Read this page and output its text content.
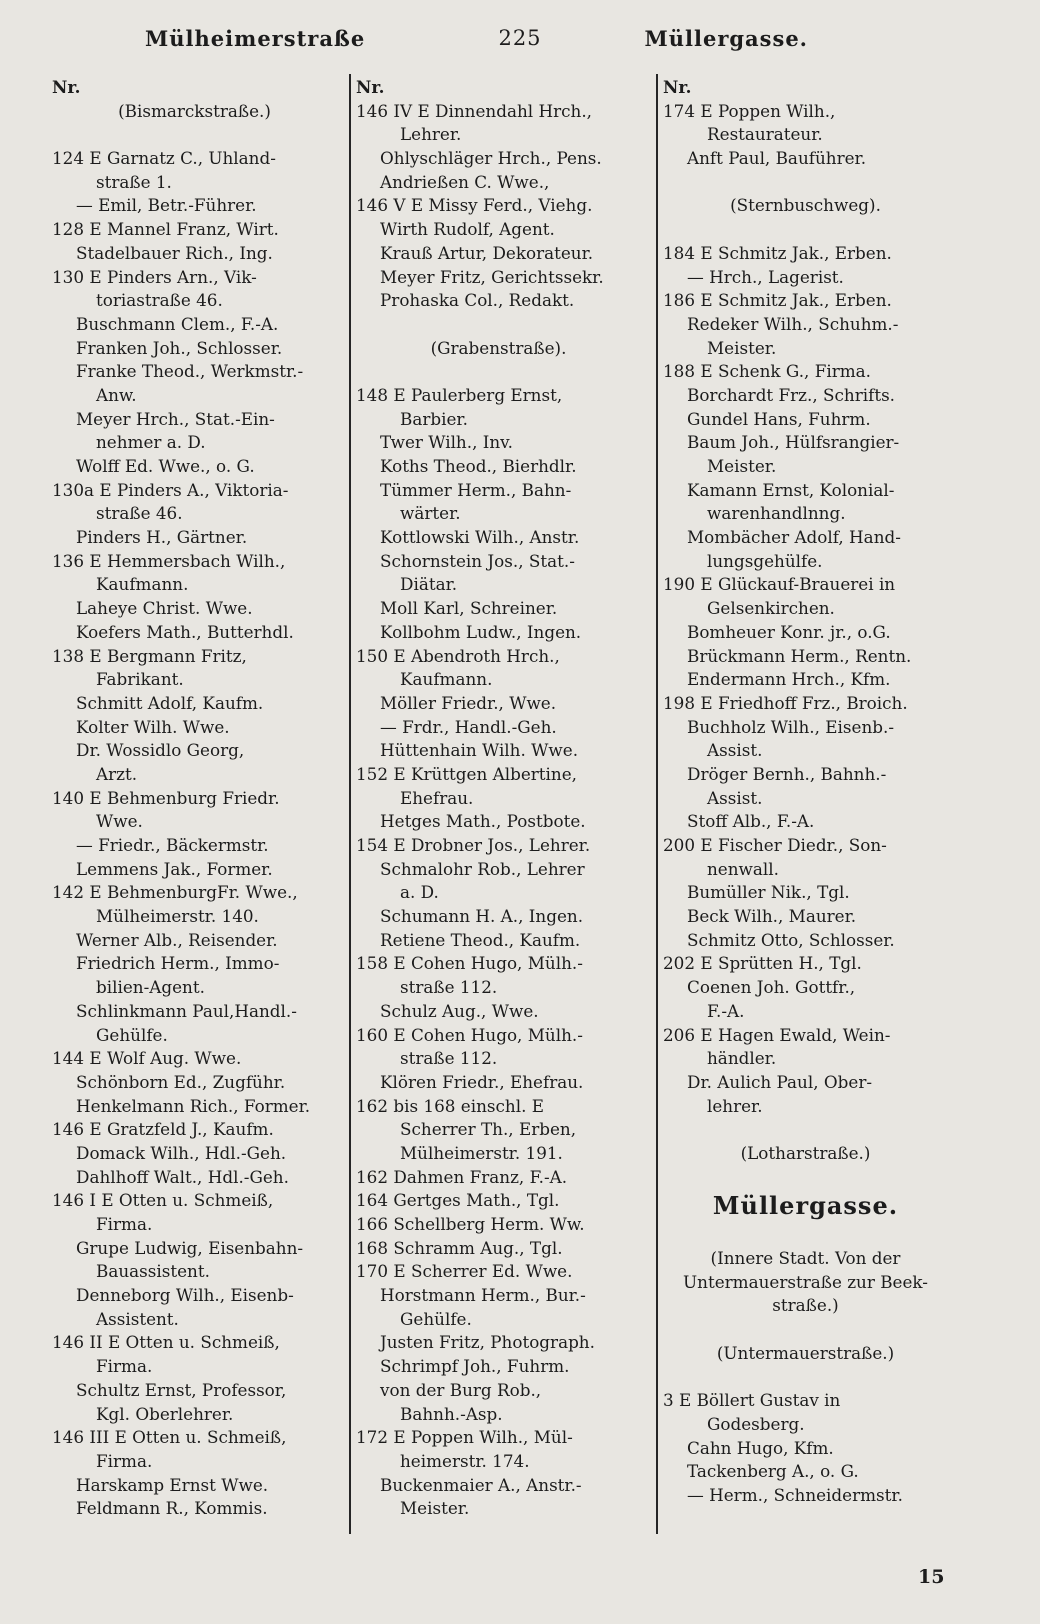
Mülheimerstraße	225	Müllergasse.
Nr.
(Bismarckstraße.)
124 E Garnatz C., Uhland-
straße 1.
— Emil, Betr.-Führer.
128 E Mannel Franz, Wirt.
Stadelbauer Rich., Ing.
130 E Pinders Arn., Vik-
toriastraße 46.
Buschmann Clem., F.-A.
Franken Joh., Schlosser.
Franke Theod., Werkmstr.-
Anw.
Meyer Hrch., Stat.-Ein-
nehmer a. D.
Wolff Ed. Wwe., o. G.
130a E Pinders A., Viktoria-
straße 46.
Pinders H., Gärtner.
136 E Hemmersbach Wilh.,
Kaufmann.
Laheye Christ. Wwe.
Koefers Math., Butterhdl.
138 E Bergmann Fritz,
Fabrikant.
Schmitt Adolf, Kaufm.
Kolter Wilh. Wwe.
Dr. Wossidlo Georg,
Arzt.
140 E Behmenburg Friedr.
Wwe.
— Friedr., Bäckermstr.
Lemmens Jak., Former.
142 E BehmenburgFr. Wwe.,
Mülheimerstr. 140.
Werner Alb., Reisender.
Friedrich Herm., Immo-
bilien-Agent.
Schlinkmann Paul,Handl.-
Gehülfe.
144 E Wolf Aug. Wwe.
Schönborn Ed., Zugführ.
Henkelmann Rich., Former.
146 E Gratzfeld J., Kaufm.
Domack Wilh., Hdl.-Geh.
Dahlhoff Walt., Hdl.-Geh.
146 I E Otten u. Schmeiß,
Firma.
Grupe Ludwig, Eisenbahn-
Bauassistent.
Denneborg Wilh., Eisenb-
Assistent.
146 II E Otten u. Schmeiß,
Firma.
Schultz Ernst, Professor,
Kgl. Oberlehrer.
146 III E Otten u. Schmeiß,
Firma.
Harskamp Ernst Wwe.
Feldmann R., Kommis.
Nr.
146 IV E Dinnendahl Hrch.,
Lehrer.
Ohlyschläger Hrch., Pens.
Andrießen C. Wwe.,
146 V E Missy Ferd., Viehg.
Wirth Rudolf, Agent.
Krauß Artur, Dekorateur.
Meyer Fritz, Gerichtssekr.
Prohaska Col., Redakt.
(Grabenstraße).
148 E Paulerberg Ernst,
Barbier.
Twer Wilh., Inv.
Koths Theod., Bierhdlr.
Tümmer Herm., Bahn-
wärter.
Kottlowski Wilh., Anstr.
Schornstein Jos., Stat.-
Diätar.
Moll Karl, Schreiner.
Kollbohm Ludw., Ingen.
150 E Abendroth Hrch.,
Kaufmann.
Möller Friedr., Wwe.
— Frdr., Handl.-Geh.
Hüttenhain Wilh. Wwe.
152 E Krüttgen Albertine,
Ehefrau.
Hetges Math., Postbote.
154 E Drobner Jos., Lehrer.
Schmalohr Rob., Lehrer
a. D.
Schumann H. A., Ingen.
Retiene Theod., Kaufm.
158 E Cohen Hugo, Mülh.-
straße 112.
Schulz Aug., Wwe.
160 E Cohen Hugo, Mülh.-
straße 112.
Klören Friedr., Ehefrau.
162 bis 168 einschl. E
Scherrer Th., Erben,
Mülheimerstr. 191.
162 Dahmen Franz, F.-A.
164 Gertges Math., Tgl.
166 Schellberg Herm. Ww.
168 Schramm Aug., Tgl.
170 E Scherrer Ed. Wwe.
Horstmann Herm., Bur.-
Gehülfe.
Justen Fritz, Photograph.
Schrimpf Joh., Fuhrm.
von der Burg Rob.,
Bahnh.-Asp.
172 E Poppen Wilh., Mül-
heimerstr. 174.
Buckenmaier A., Anstr.-
Meister.
Nr.
174 E Poppen Wilh.,
Restaurateur.
Anft Paul, Bauführer.
(Sternbuschweg).
184 E Schmitz Jak., Erben.
— Hrch., Lagerist.
186 E Schmitz Jak., Erben.
Redeker Wilh., Schuhm.-
Meister.
188 E Schenk G., Firma.
Borchardt Frz., Schrifts.
Gundel Hans, Fuhrm.
Baum Joh., Hülfsrangier-
Meister.
Kamann Ernst, Kolonial-
warenhandlnng.
Mombächer Adolf, Hand-
lungsgehülfe.
190 E Glückauf-Brauerei in
Gelsenkirchen.
Bomheuer Konr. jr., o.G.
Brückmann Herm., Rentn.
Endermann Hrch., Kfm.
198 E Friedhoff Frz., Broich.
Buchholz Wilh., Eisenb.-
Assist.
Dröger Bernh., Bahnh.-
Assist.
Stoff Alb., F.-A.
200 E Fischer Diedr., Son-
nenwall.
Bumüller Nik., Tgl.
Beck Wilh., Maurer.
Schmitz Otto, Schlosser.
202 E Sprütten H., Tgl.
Coenen Joh. Gottfr.,
F.-A.
206 E Hagen Ewald, Wein-
händler.
Dr. Aulich Paul, Ober-
lehrer.
(Lotharstraße.)
Müllergasse.
(Innere Stadt. Von der
Untermauerstraße zur Beek-
straße.)
(Untermauerstraße.)
3 E Böllert Gustav in
Godesberg.
Cahn Hugo, Kfm.
Tackenberg A., o. G.
— Herm., Schneidermstr.
15
